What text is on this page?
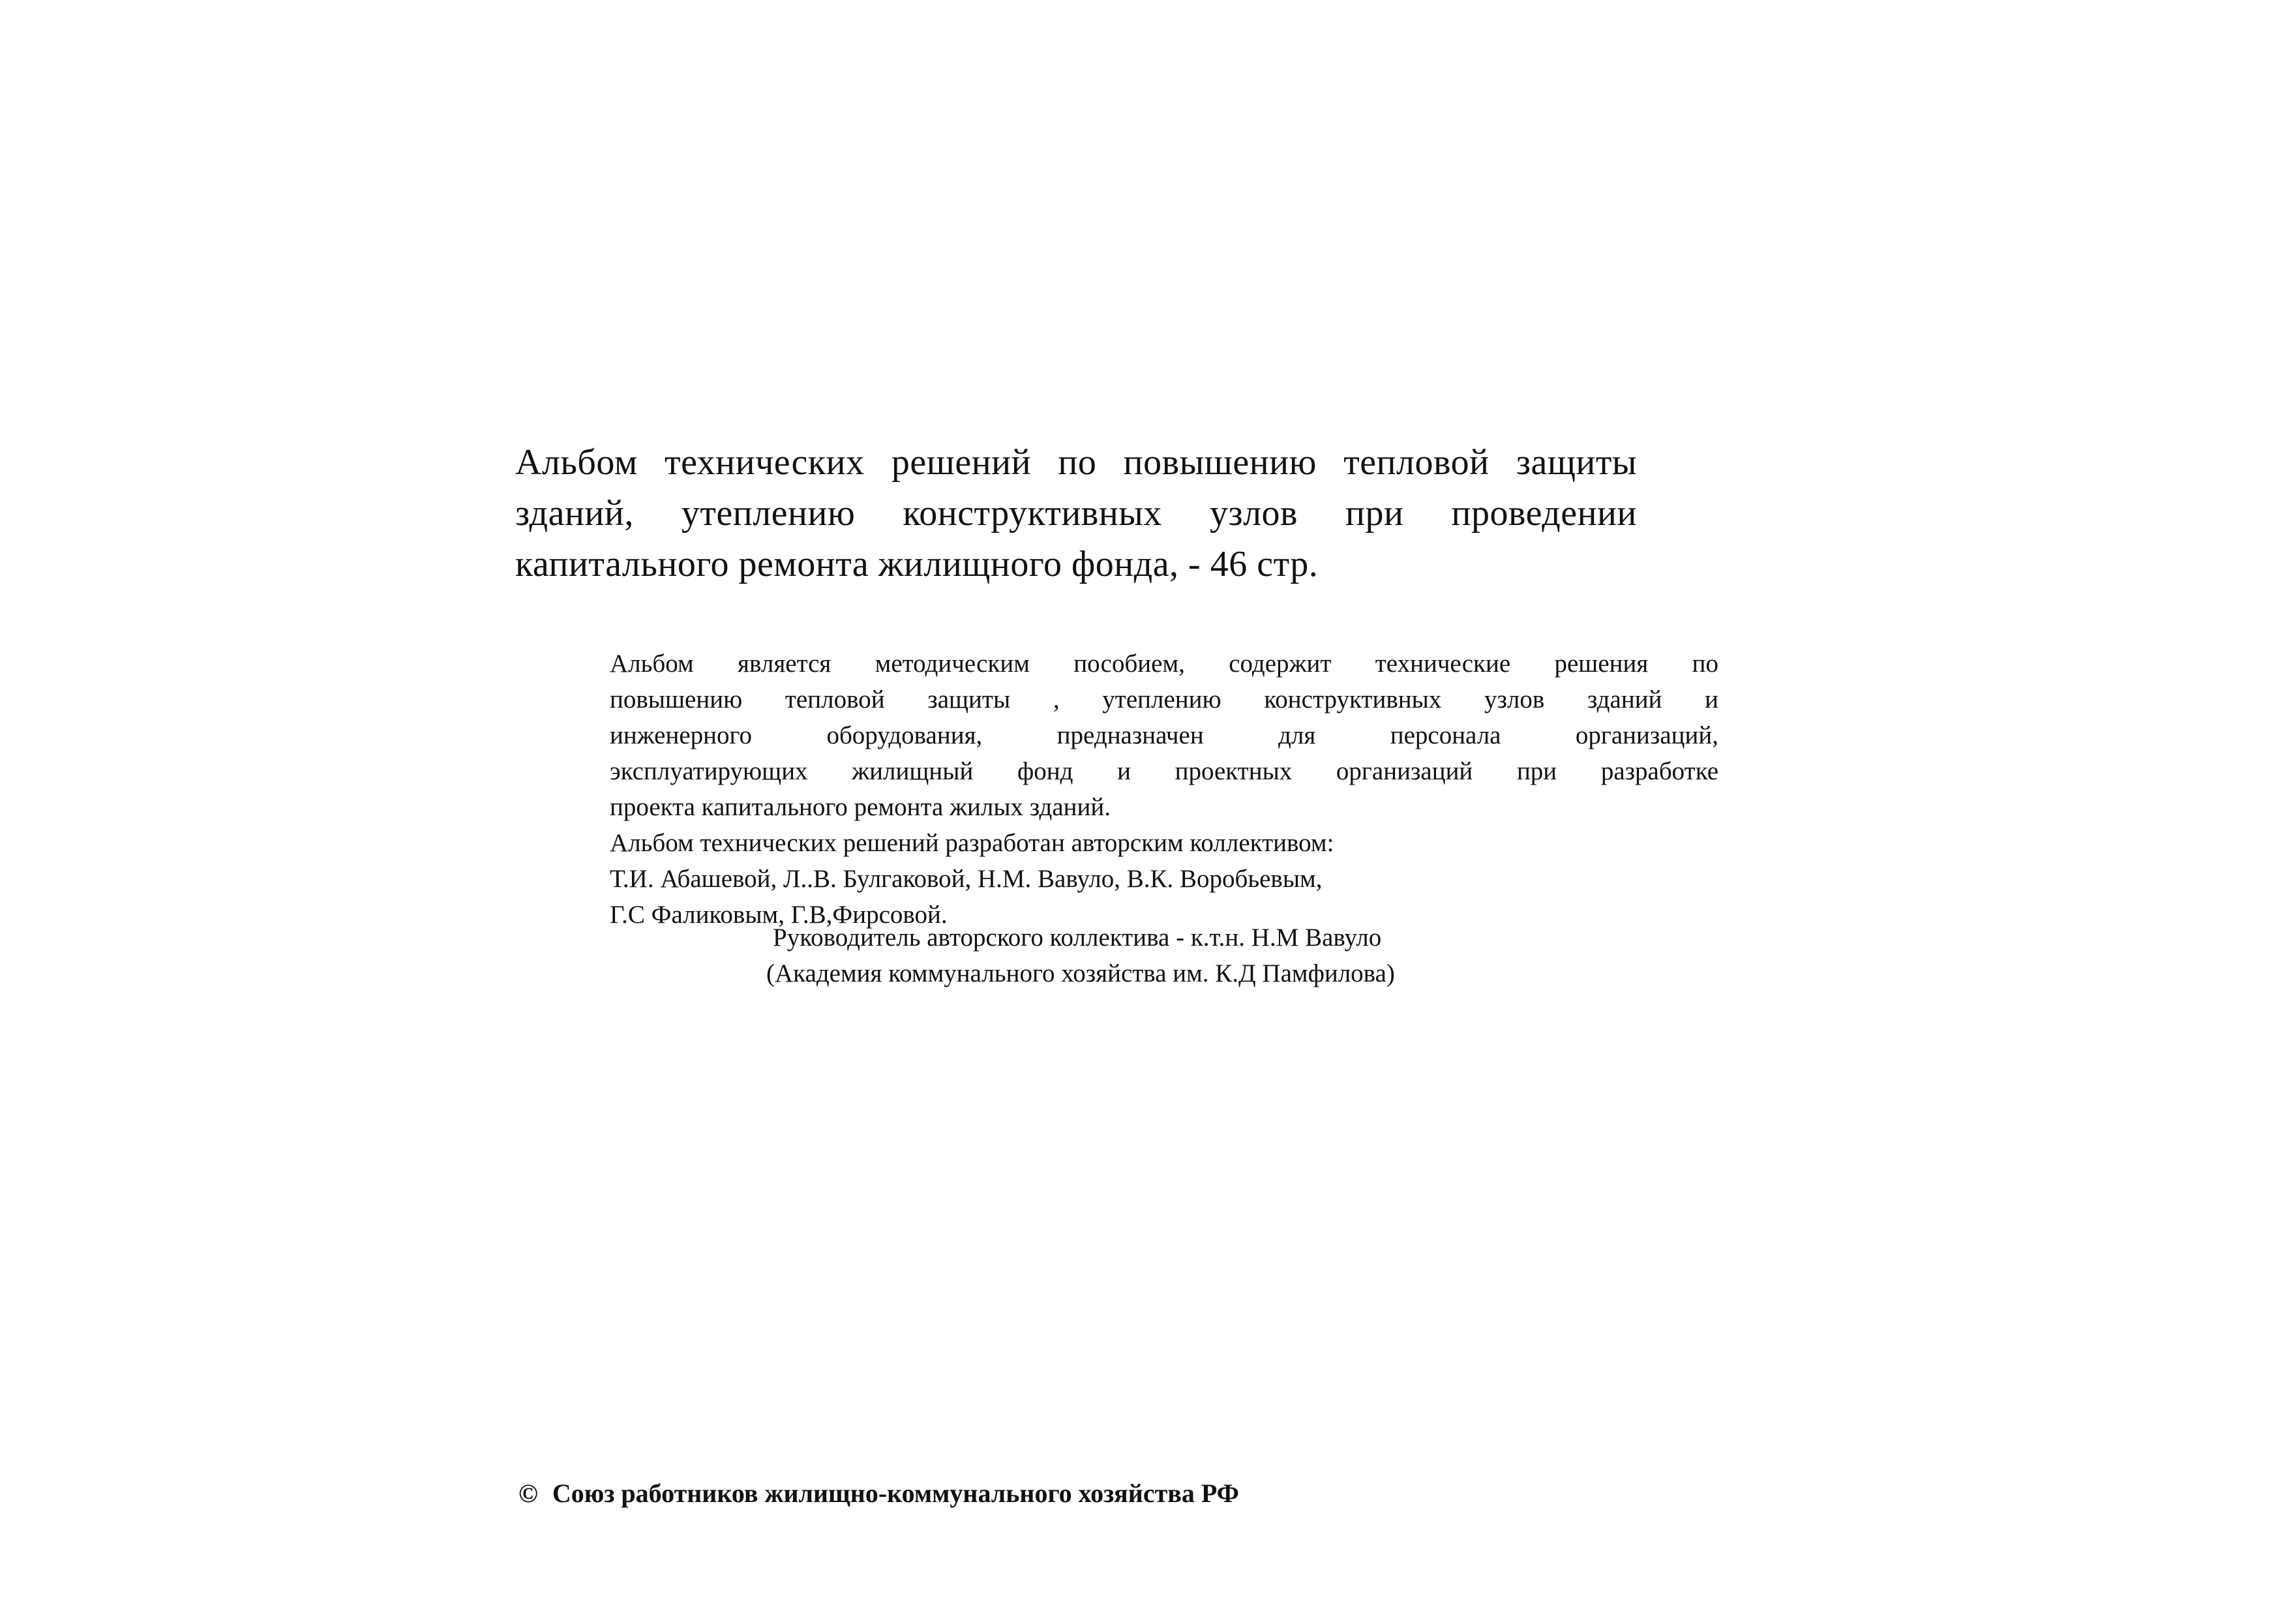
Альбом технических решений по повышению тепловой защиты
зданий, утеплению конструктивных узлов при проведении
капитального ремонта жилищного фонда, - 46 стр.
Альбом является методическим пособием, содержит технические решения по
повышению тепловой защиты , утеплению конструктивных узлов зданий и
инженерного оборудования, предназначен для персонала организаций,
эксплуатирующих жилищный фонд и проектных организаций при разработке
проекта капитального ремонта жилых зданий.
Альбом технических решений разработан авторским коллективом:
Т.И. Абашевой, Л..В. Булгаковой, Н.М. Вавуло, В.К. Воробьевым,
Г.С Фаликовым, Г.В,Фирсовой.
Руководитель авторского коллектива - к.т.н. Н.М Вавуло
(Академия коммунального хозяйства им. К.Д Памфилова)
© Союз работников жилищно-коммунального хозяйства РФ
